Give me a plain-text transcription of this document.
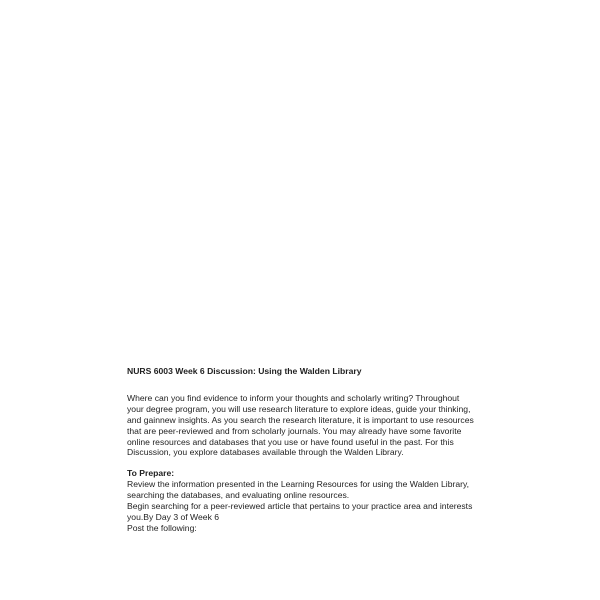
NURS 6003 Week 6 Discussion: Using the Walden Library
Where can you find evidence to inform your thoughts and scholarly writing? Throughout
your degree program, you will use research literature to explore ideas, guide your thinking,
and gainnew insights. As you search the research literature, it is important to use resources
that are peer-reviewed and from scholarly journals. You may already have some favorite
online resources and databases that you use or have found useful in the past. For this
Discussion, you explore databases available through the Walden Library.
To Prepare:
Review the information presented in the Learning Resources for using the Walden Library,
searching the databases, and evaluating online resources.
Begin searching for a peer-reviewed article that pertains to your practice area and interests
you.By Day 3 of Week 6
Post the following:
